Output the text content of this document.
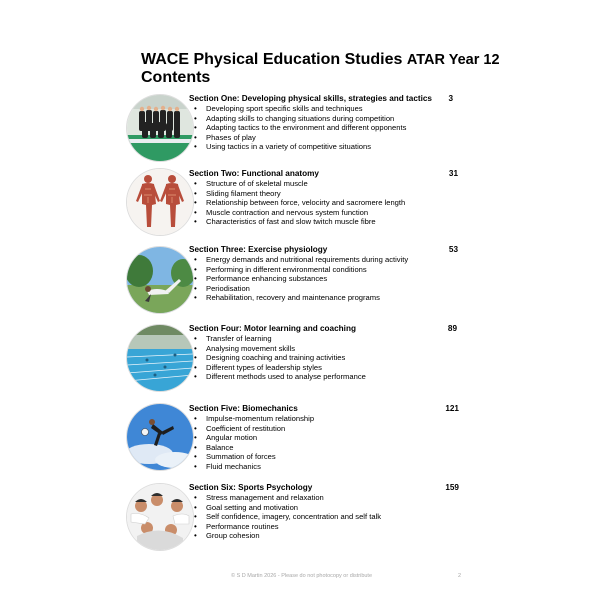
WACE Physical Education Studies ATAR Year 12
Contents
Section One: Developing physical skills, strategies and tactics	3
• Developing sport specific skills and techniques
• Adapting skills to changing situations during competition
• Adapting tactics to the environment and different opponents
• Phases of play
• Using tactics in a variety of competitive situations
Section Two: Functional anatomy	31
• Structure of of skeletal muscle
• Sliding filament theory
• Relationship between force, velocirty and sacromere length
• Muscle contraction and nervous system function
• Characteristics of fast and slow twitch muscle fibre
Section Three: Exercise physiology	53
• Energy demands and nutritional requirements during activity
• Performing in different environmental conditions
• Performance enhancing substances
• Periodisation
• Rehabilitation, recovery and maintenance programs
Section Four: Motor learning and coaching	89
• Transfer of learning
• Analysing movement skills
• Designing coaching and training activities
• Different types of leadership styles
• Different methods used to analyse performance
Section Five: Biomechanics	121
• Impulse-momentum relationship
• Coefficient of restitution
• Angular motion
• Balance
• Summation of forces
• Fluid mechanics
Section Six: Sports Psychology	159
• Stress management and relaxation
• Goal setting and motivation
• Self confidence, imagery, concentration and self talk
• Performance routines
• Group cohesion
© S D Martin 2026 - Please do not photocopy or distribute	2
